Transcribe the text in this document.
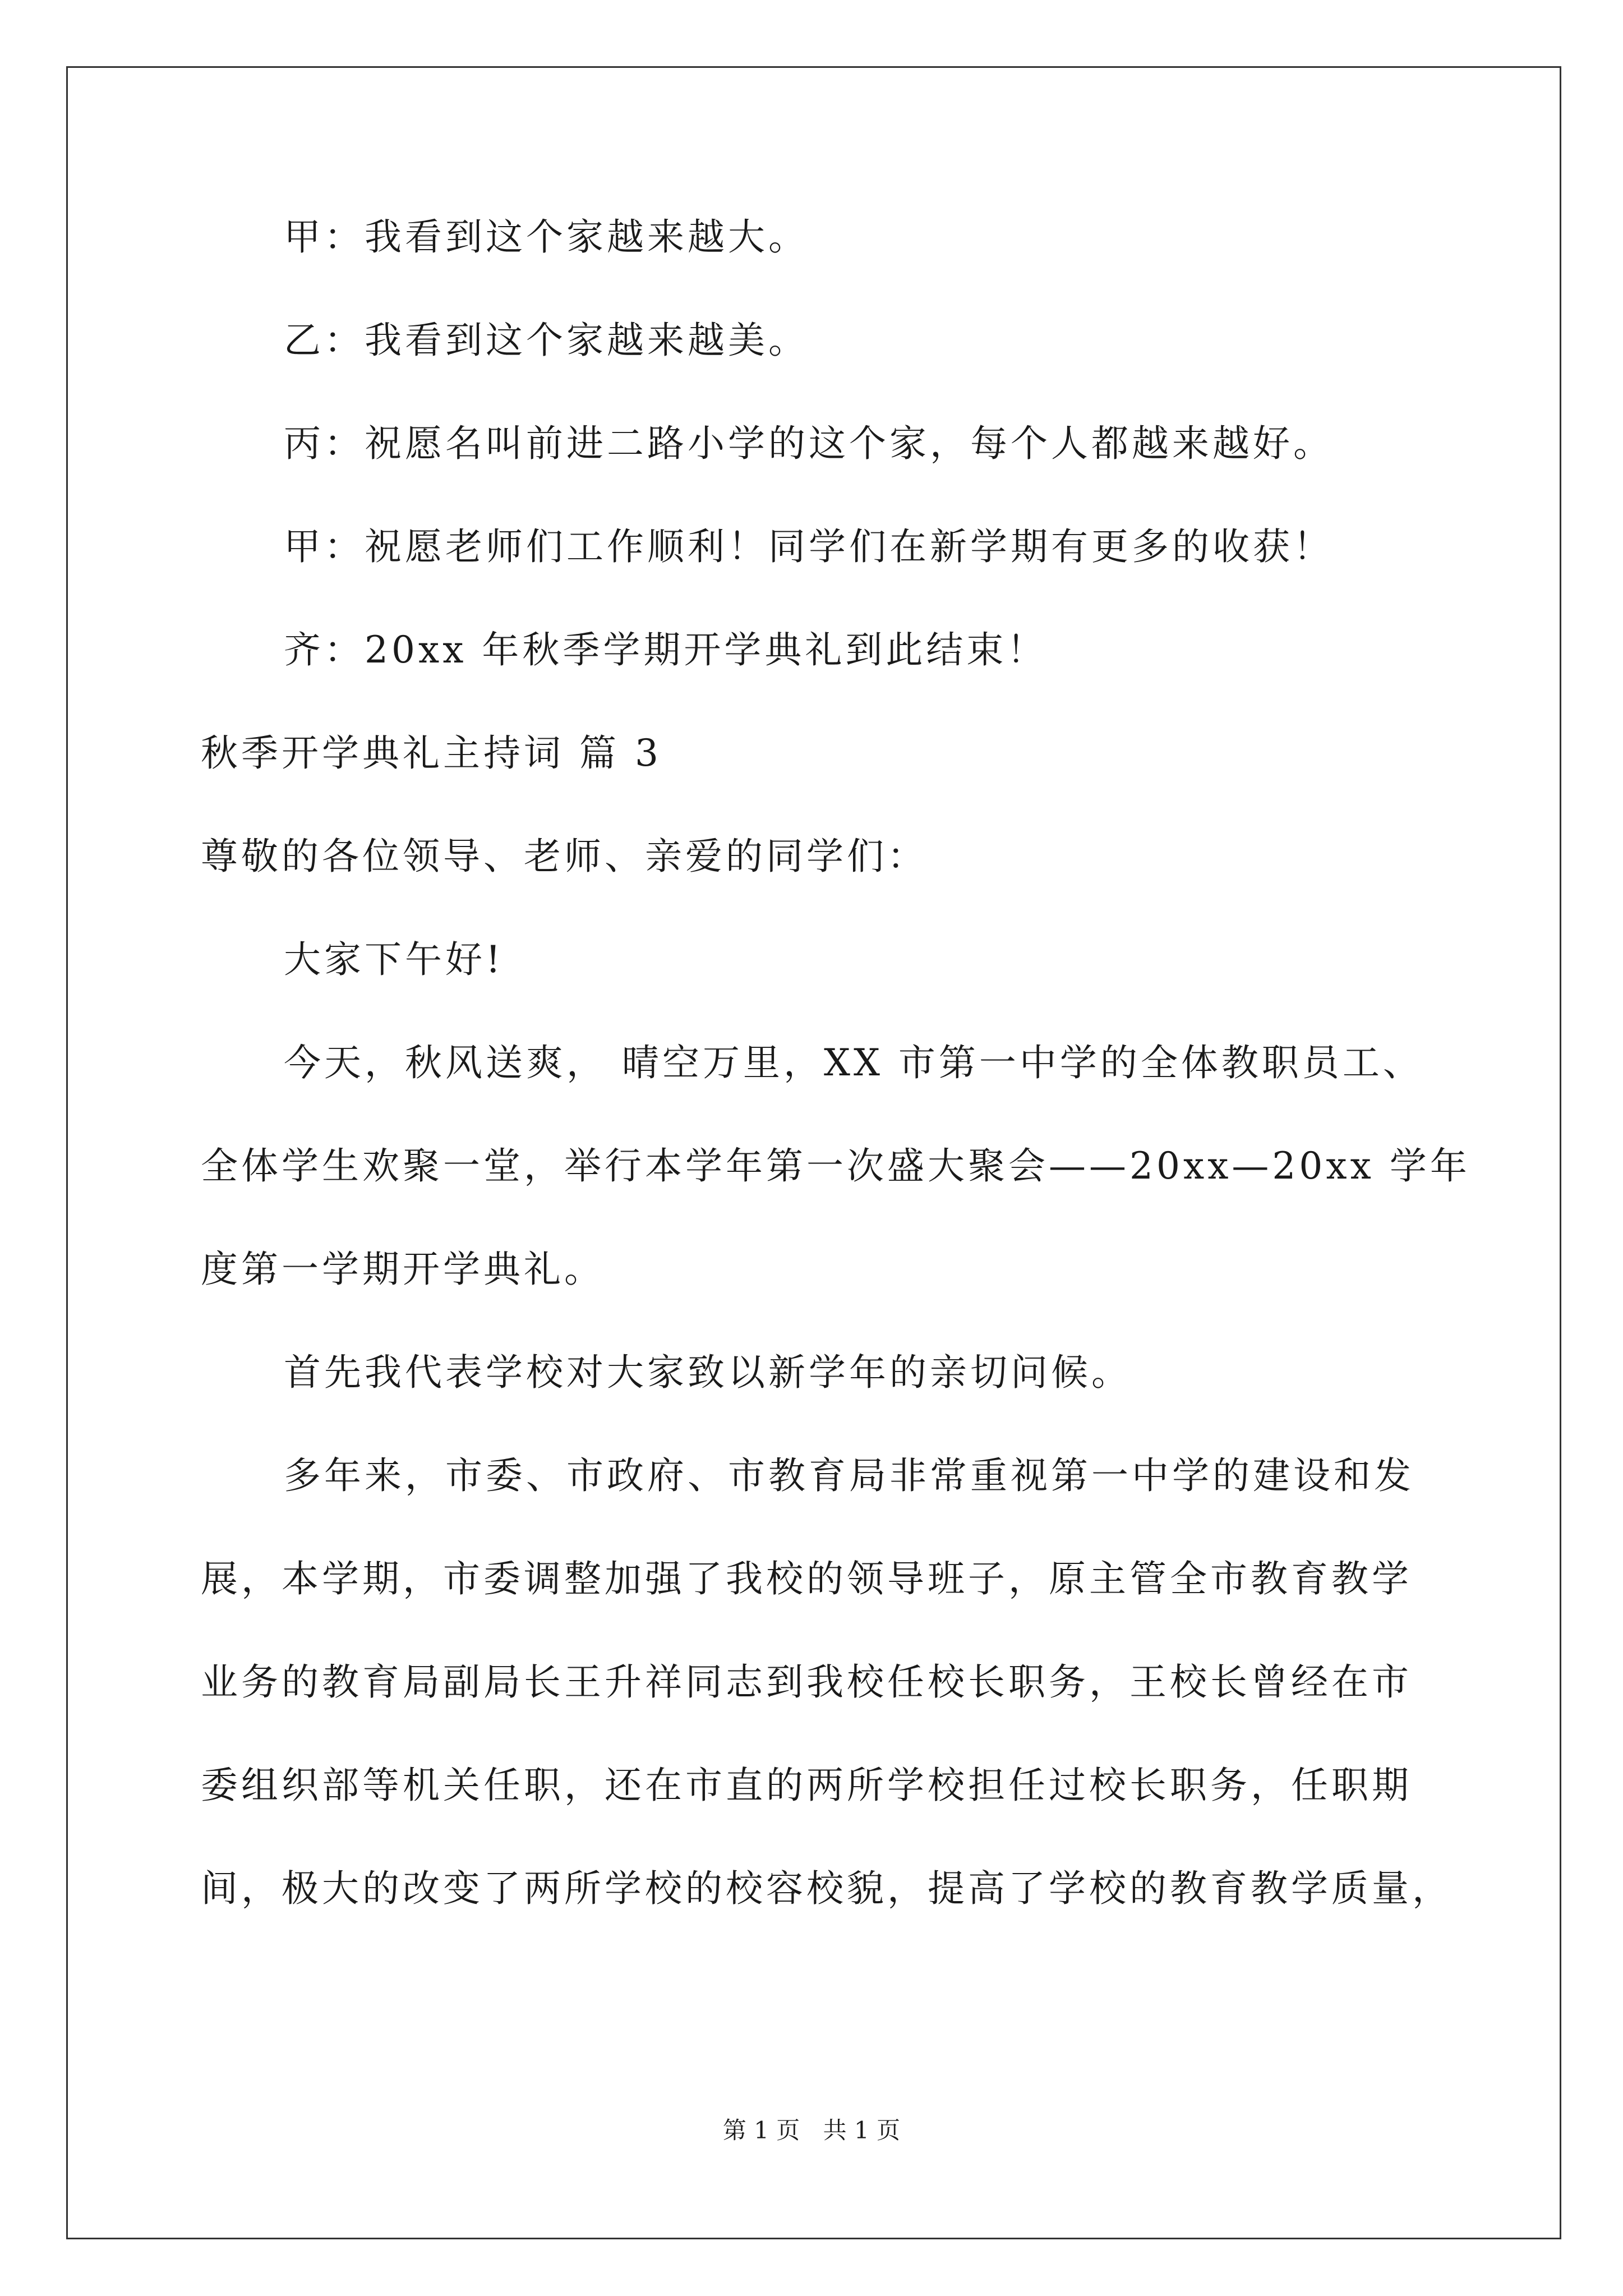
甲：我看到这个家越来越大。
乙：我看到这个家越来越美。
丙：祝愿名叫前进二路小学的这个家，每个人都越来越好。
甲：祝愿老师们工作顺利！同学们在新学期有更多的收获！
齐：20xx 年秋季学期开学典礼到此结束！
秋季开学典礼主持词 篇 3
尊敬的各位领导、老师、亲爱的同学们：
大家下午好!
今天，秋风送爽， 晴空万里，XX 市第一中学的全体教职员工、
全体学生欢聚一堂，举行本学年第一次盛大聚会——20xx—20xx 学年
度第一学期开学典礼。
首先我代表学校对大家致以新学年的亲切问候。
多年来，市委、市政府、市教育局非常重视第一中学的建设和发
展，本学期，市委调整加强了我校的领导班子，原主管全市教育教学
业务的教育局副局长王升祥同志到我校任校长职务，王校长曾经在市
委组织部等机关任职，还在市直的两所学校担任过校长职务，任职期
间，极大的改变了两所学校的校容校貌，提高了学校的教育教学质量，
第 1 页 共 1 页
